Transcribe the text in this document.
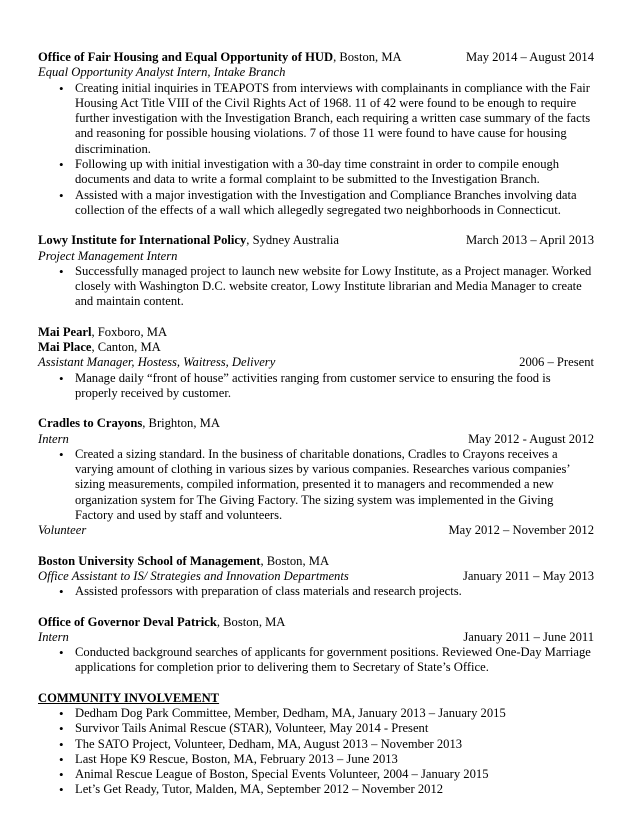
Office of Fair Housing and Equal Opportunity of HUD, Boston, MA	May 2014 – August 2014
Equal Opportunity Analyst Intern, Intake Branch
• Creating initial inquiries in TEAPOTS from interviews with complainants in compliance with the Fair Housing Act Title VIII of the Civil Rights Act of 1968. 11 of 42 were found to be enough to require further investigation with the Investigation Branch, each requiring a written case summary of the facts and reasoning for possible housing violations. 7 of those 11 were found to have cause for housing discrimination.
• Following up with initial investigation with a 30-day time constraint in order to compile enough documents and data to write a formal complaint to be submitted to the Investigation Branch.
• Assisted with a major investigation with the Investigation and Compliance Branches involving data collection of the effects of a wall which allegedly segregated two neighborhoods in Connecticut.
Lowy Institute for International Policy, Sydney Australia	March 2013 – April 2013
Project Management Intern
• Successfully managed project to launch new website for Lowy Institute, as a Project manager. Worked closely with Washington D.C. website creator, Lowy Institute librarian and Media Manager to create and maintain content.
Mai Pearl, Foxboro, MA
Mai Place, Canton, MA
Assistant Manager, Hostess, Waitress, Delivery	2006 – Present
• Manage daily “front of house” activities ranging from customer service to ensuring the food is properly received by customer.
Cradles to Crayons, Brighton, MA
Intern	May 2012 - August 2012
• Created a sizing standard. In the business of charitable donations, Cradles to Crayons receives a varying amount of clothing in various sizes by various companies. Researches various companies’ sizing measurements, compiled information, presented it to managers and recommended a new organization system for The Giving Factory. The sizing system was implemented in the Giving Factory and used by staff and volunteers.
Volunteer	May 2012 – November 2012
Boston University School of Management, Boston, MA
Office Assistant to IS/ Strategies and Innovation Departments	January 2011 – May 2013
• Assisted professors with preparation of class materials and research projects.
Office of Governor Deval Patrick, Boston, MA
Intern	January 2011 – June 2011
• Conducted background searches of applicants for government positions. Reviewed One-Day Marriage applications for completion prior to delivering them to Secretary of State’s Office.
COMMUNITY INVOLVEMENT
• Dedham Dog Park Committee, Member, Dedham, MA, January 2013 – January 2015
• Survivor Tails Animal Rescue (STAR), Volunteer, May 2014 - Present
• The SATO Project, Volunteer, Dedham, MA, August 2013 – November 2013
• Last Hope K9 Rescue, Boston, MA, February 2013 – June 2013
• Animal Rescue League of Boston, Special Events Volunteer, 2004 – January 2015
• Let’s Get Ready, Tutor, Malden, MA, September 2012 – November 2012
